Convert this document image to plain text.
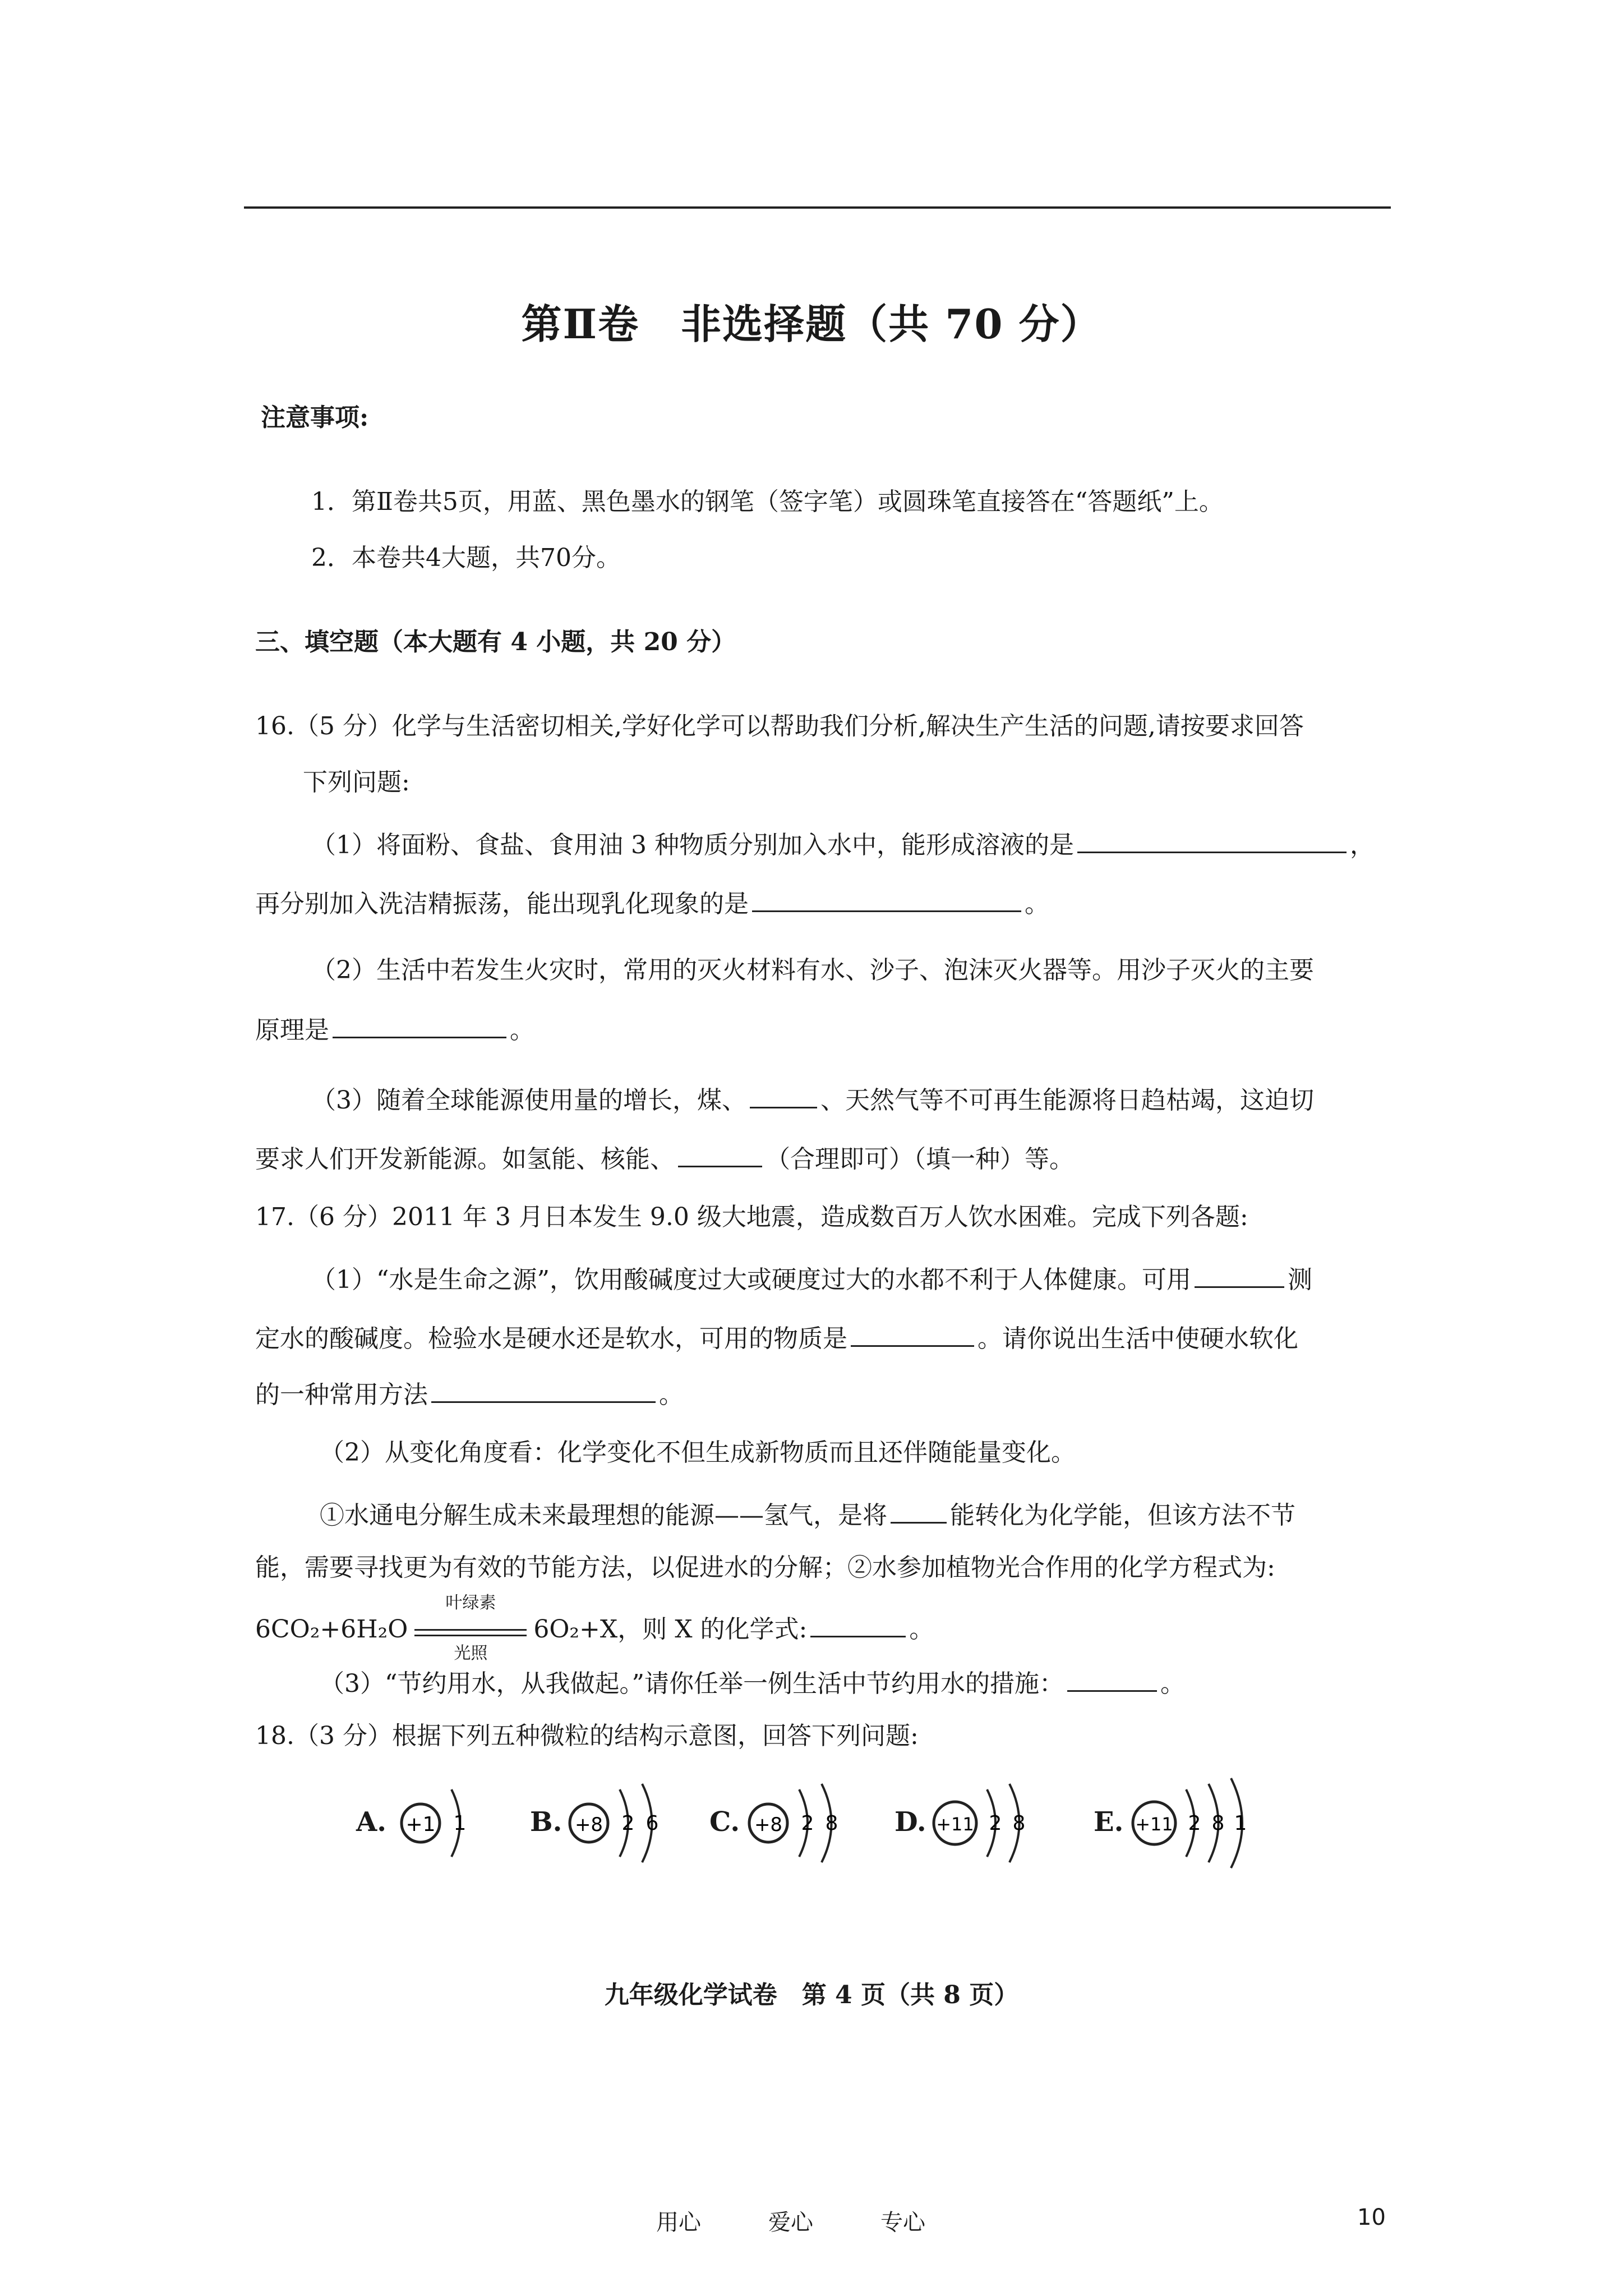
第Ⅱ卷　非选择题（共 70 分）
注意事项:
1．第Ⅱ卷共5页，用蓝、黑色墨水的钢笔（签字笔）或圆珠笔直接答在“答题纸”上。
2．本卷共4大题，共70分。
三、填空题（本大题有 4 小题，共 20 分）
16.（5 分）化学与生活密切相关,学好化学可以帮助我们分析,解决生产生活的问题,请按要求回答
下列问题:
（1）将面粉、食盐、食用油 3 种物质分别加入水中，能形成溶液的是	，
再分别加入洗洁精振荡，能出现乳化现象的是	。
（2）生活中若发生火灾时，常用的灭火材料有水、沙子、泡沫灭火器等。用沙子灭火的主要
原理是	。
（3）随着全球能源使用量的增长，煤、	、天然气等不可再生能源将日趋枯竭，这迫切
要求人们开发新能源。如氢能、核能、	（合理即可）（填一种）等。
17.（6 分）2011 年 3 月日本发生 9.0 级大地震，造成数百万人饮水困难。完成下列各题:
（1）“水是生命之源”，饮用酸碱度过大或硬度过大的水都不利于人体健康。可用	测
定水的酸碱度。检验水是硬水还是软水，可用的物质是	。请你说出生活中使硬水软化
的一种常用方法	。
（2）从变化角度看：化学变化不但生成新物质而且还伴随能量变化。
①水通电分解生成未来最理想的能源——氢气，是将	能转化为化学能，但该方法不节
能，需要寻找更为有效的节能方法，以促进水的分解；②水参加植物光合作用的化学方程式为:
6CO₂+6H₂O
叶绿素
光照
6O₂+X，则 X 的化学式:	。
（3）“节约用水，从我做起。”请你任举一例生活中节约用水的措施：	。
18.（3 分）根据下列五种微粒的结构示意图，回答下列问题:
A. +1 1 B. +8 2 6 C. +8 2 8 D. +11 2 8	E. +11 2 8 1
九年级化学试卷　第 4 页（共 8 页）
用心	爱心	专心	10
